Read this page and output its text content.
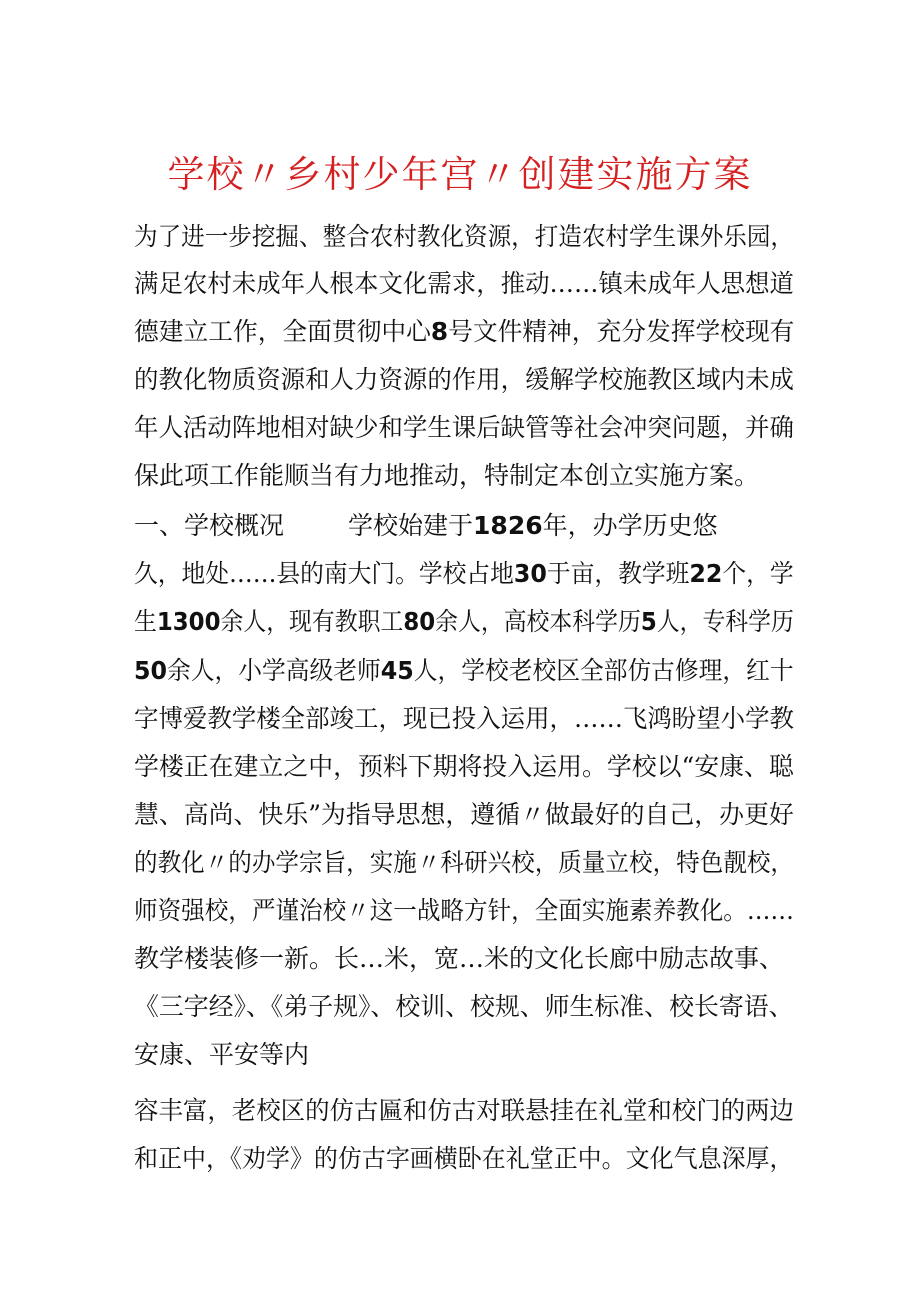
学校〃乡村少年宫〃创建实施方案
为了进一步挖掘、整合农村教化资源，打造农村学生课外乐园，
满足农村未成年人根本文化需求，推动……镇未成年人思想道
德建立工作，全面贯彻中心8号文件精神，充分发挥学校现有
的教化物质资源和人力资源的作用，缓解学校施教区域内未成
年人活动阵地相对缺少和学生课后缺管等社会冲突问题，并确
保此项工作能顺当有力地推动，特制定本创立实施方案。
一、学校概况	学校始建于1826年，办学历史悠
久，地处……县的南大门。学校占地30于亩，教学班22个，学
生1300余人，现有教职工80余人，高校本科学历5人，专科学历
50余人，小学高级老师45人，学校老校区全部仿古修理，红十
字博爱教学楼全部竣工，现已投入运用，……飞鸿盼望小学教
学楼正在建立之中，预料下期将投入运用。学校以“安康、聪
慧、高尚、快乐”为指导思想，遵循〃做最好的自己，办更好
的教化〃的办学宗旨，实施〃科研兴校，质量立校，特色靓校，
师资强校，严谨治校〃这一战略方针，全面实施素养教化。……
教学楼装修一新。长…米，宽…米的文化长廊中励志故事、
《三字经》、《弟子规》、校训、校规、师生标准、校长寄语、
安康、平安等内
容丰富，老校区的仿古匾和仿古对联悬挂在礼堂和校门的两边
和正中，《劝学》的仿古字画横卧在礼堂正中。文化气息深厚，
